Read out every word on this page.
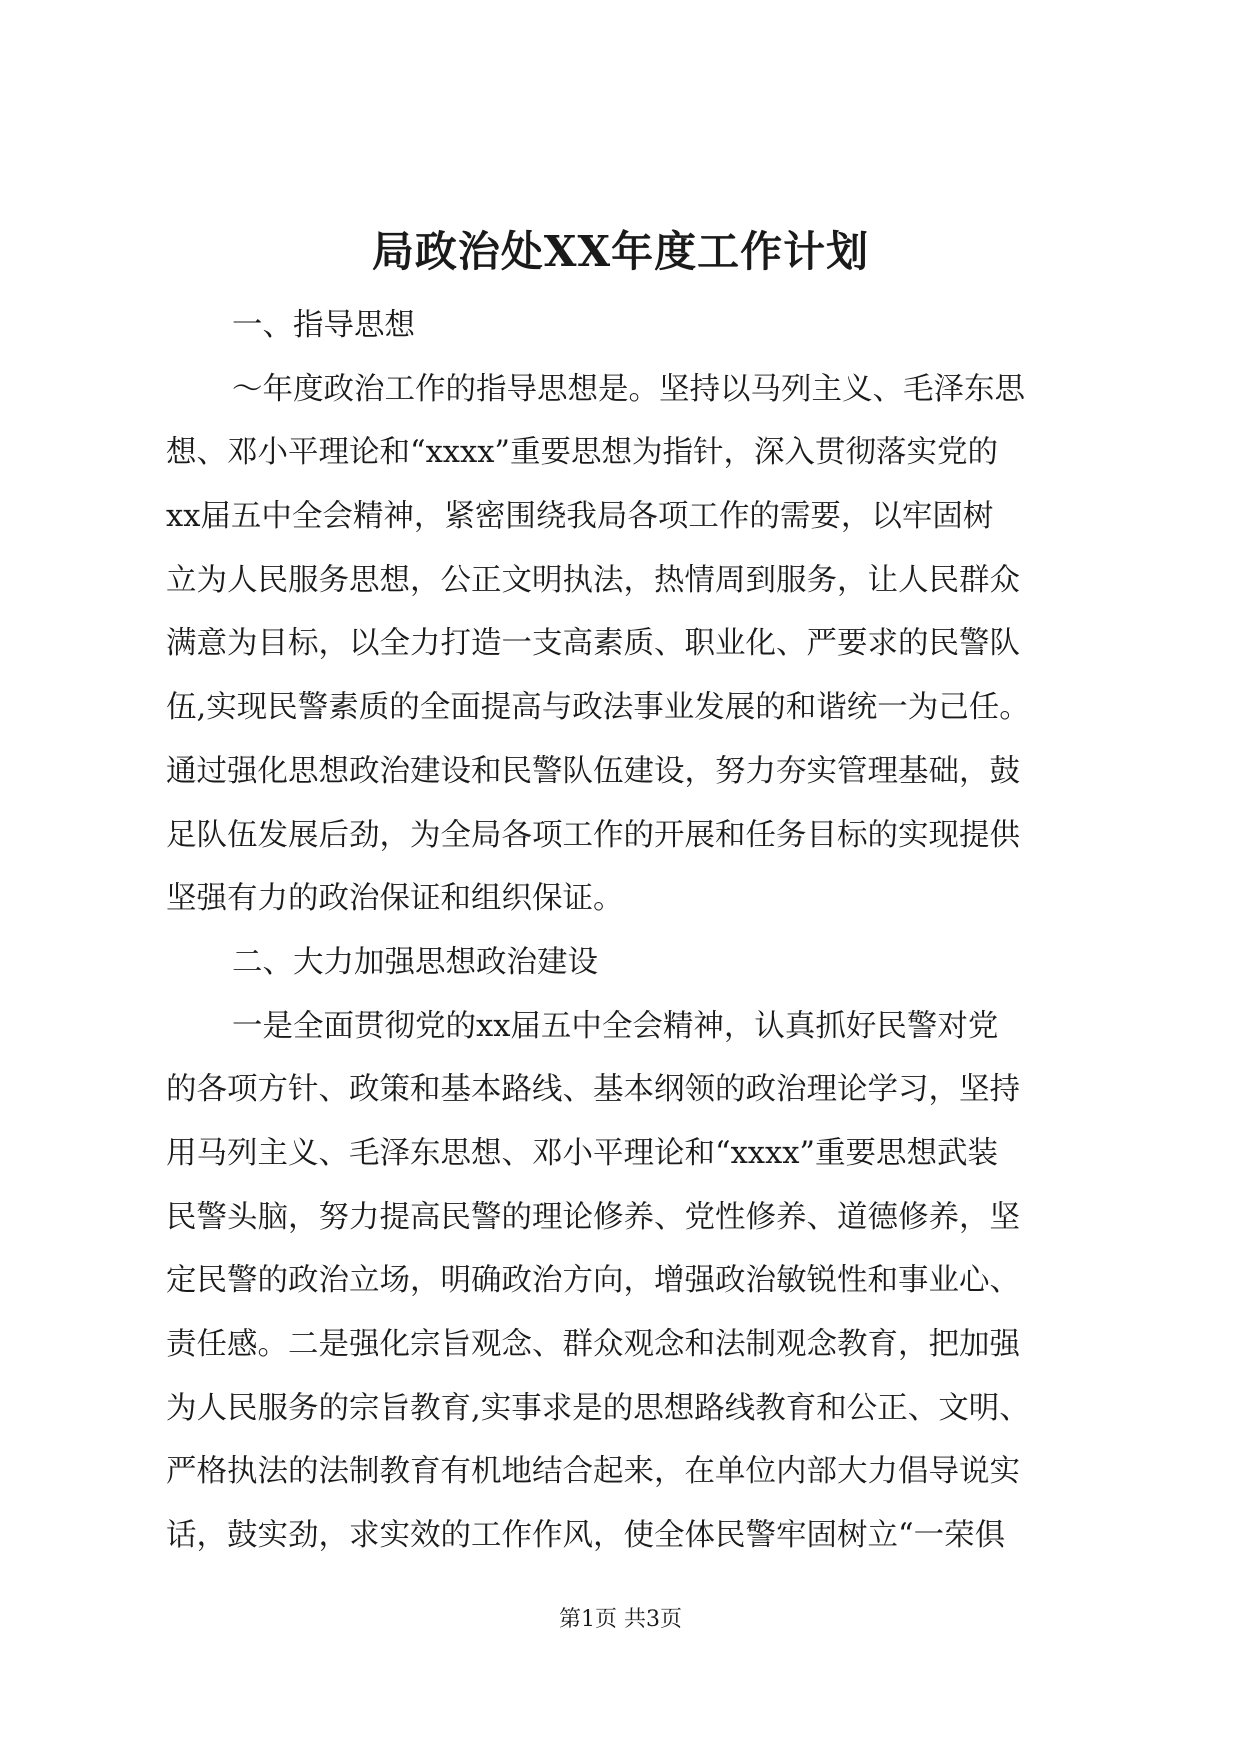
局政治处XX年度工作计划
一、指导思想
～年度政治工作的指导思想是。坚持以马列主义、毛泽东思
想、邓小平理论和“xxxx”重要思想为指针，深入贯彻落实党的
xx届五中全会精神，紧密围绕我局各项工作的需要，以牢固树
立为人民服务思想，公正文明执法，热情周到服务，让人民群众
满意为目标，以全力打造一支高素质、职业化、严要求的民警队
伍,实现民警素质的全面提高与政法事业发展的和谐统一为己任。
通过强化思想政治建设和民警队伍建设，努力夯实管理基础，鼓
足队伍发展后劲，为全局各项工作的开展和任务目标的实现提供
坚强有力的政治保证和组织保证。
二、大力加强思想政治建设
一是全面贯彻党的xx届五中全会精神，认真抓好民警对党
的各项方针、政策和基本路线、基本纲领的政治理论学习，坚持
用马列主义、毛泽东思想、邓小平理论和“xxxx”重要思想武装
民警头脑，努力提高民警的理论修养、党性修养、道德修养，坚
定民警的政治立场，明确政治方向，增强政治敏锐性和事业心、
责任感。二是强化宗旨观念、群众观念和法制观念教育，把加强
为人民服务的宗旨教育,实事求是的思想路线教育和公正、文明、
严格执法的法制教育有机地结合起来，在单位内部大力倡导说实
话，鼓实劲，求实效的工作作风，使全体民警牢固树立“一荣俱
第1页 共3页
